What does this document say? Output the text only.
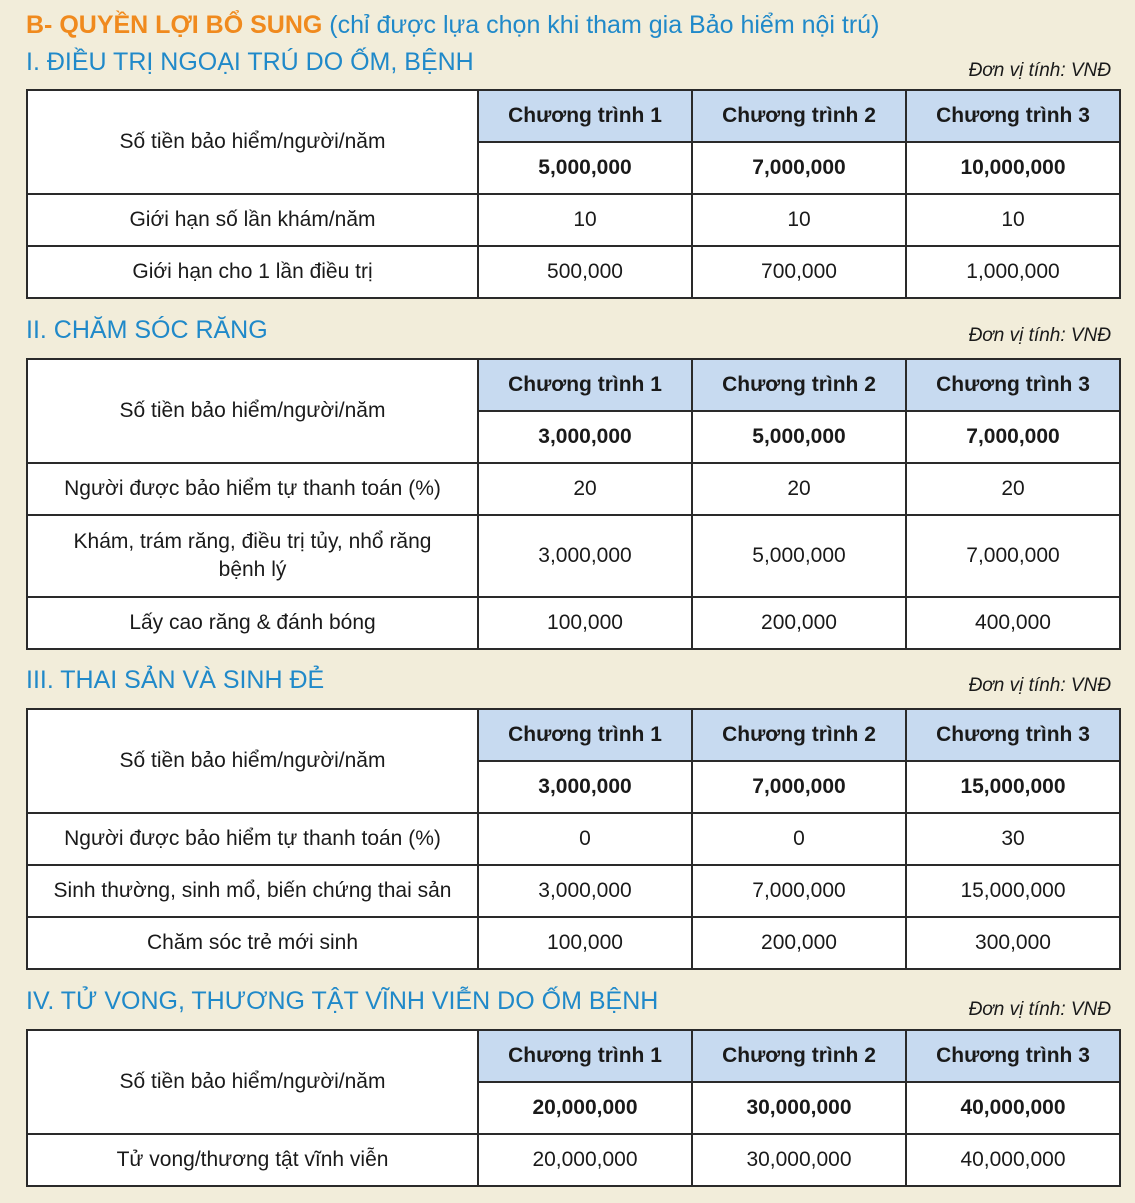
B- QUYỀN LỢI BỔ SUNG (chỉ được lựa chọn khi tham gia Bảo hiểm nội trú)
I. ĐIỀU TRỊ NGOẠI TRÚ DO ỐM, BỆNH	Đơn vị tính: VNĐ
Số tiền bảo hiểm/người/năm	Chương trình 1	Chương trình 2	Chương trình 3
	5,000,000	7,000,000	10,000,000
Giới hạn số lần khám/năm	10	10	10
Giới hạn cho 1 lần điều trị	500,000	700,000	1,000,000
II. CHĂM SÓC RĂNG	Đơn vị tính: VNĐ
Số tiền bảo hiểm/người/năm	Chương trình 1	Chương trình 2	Chương trình 3
	3,000,000	5,000,000	7,000,000
Người được bảo hiểm tự thanh toán (%)	20	20	20
Khám, trám răng, điều trị tủy, nhổ răng bệnh lý	3,000,000	5,000,000	7,000,000
Lấy cao răng & đánh bóng	100,000	200,000	400,000
III. THAI SẢN VÀ SINH ĐẺ	Đơn vị tính: VNĐ
Số tiền bảo hiểm/người/năm	Chương trình 1	Chương trình 2	Chương trình 3
	3,000,000	7,000,000	15,000,000
Người được bảo hiểm tự thanh toán (%)	0	0	30
Sinh thường, sinh mổ, biến chứng thai sản	3,000,000	7,000,000	15,000,000
Chăm sóc trẻ mới sinh	100,000	200,000	300,000
IV. TỬ VONG, THƯƠNG TẬT VĨNH VIỄN DO ỐM BỆNH	Đơn vị tính: VNĐ
Số tiền bảo hiểm/người/năm	Chương trình 1	Chương trình 2	Chương trình 3
	20,000,000	30,000,000	40,000,000
Tử vong/thương tật vĩnh viễn	20,000,000	30,000,000	40,000,000
